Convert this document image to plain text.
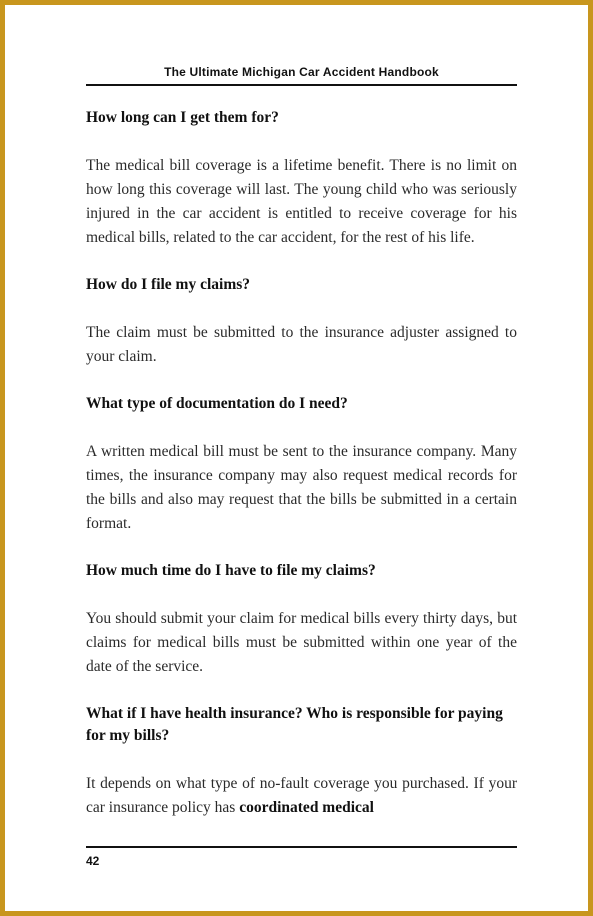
The Ultimate Michigan Car Accident Handbook

How long can I get them for?

The medical bill coverage is a lifetime benefit. There is no limit on how long this coverage will last. The young child who was seriously injured in the car accident is entitled to receive coverage for his medical bills, related to the car accident, for the rest of his life.

How do I file my claims?

The claim must be submitted to the insurance adjuster assigned to your claim.

What type of documentation do I need?

A written medical bill must be sent to the insurance company. Many times, the insurance company may also request medical records for the bills and also may request that the bills be submitted in a certain format.

How much time do I have to file my claims?

You should submit your claim for medical bills every thirty days, but claims for medical bills must be submitted within one year of the date of the service.

What if I have health insurance? Who is responsible for paying for my bills?

It depends on what type of no-fault coverage you purchased. If your car insurance policy has coordinated medical

42
